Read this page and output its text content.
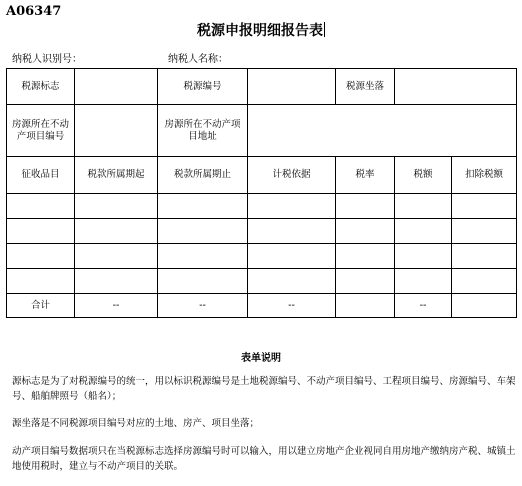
A06347
税源申报明细报告表
纳税人识别号：	纳税人名称：
税源标志		税源编号		税源坐落		
房源所在不动产项目编号		房源所在不动产项目地址				
征收品目	税款所属期起	税款所属期止	计税依据	税率	税额	扣除税额

合计	--	--	--		--	
表单说明
源标志是为了对税源编号的统一，用以标识税源编号是土地税源编号、不动产项目编号、工程项目编号、房源编号、车架号、船舶牌照号（船名）；
源坐落是不同税源项目编号对应的土地、房产、项目坐落；
动产项目编号数据项只在当税源标志选择房源编号时可以输入，用以建立房地产企业视同自用房地产缴纳房产税、城镇土地使用税时，建立与不动产项目的关联。
